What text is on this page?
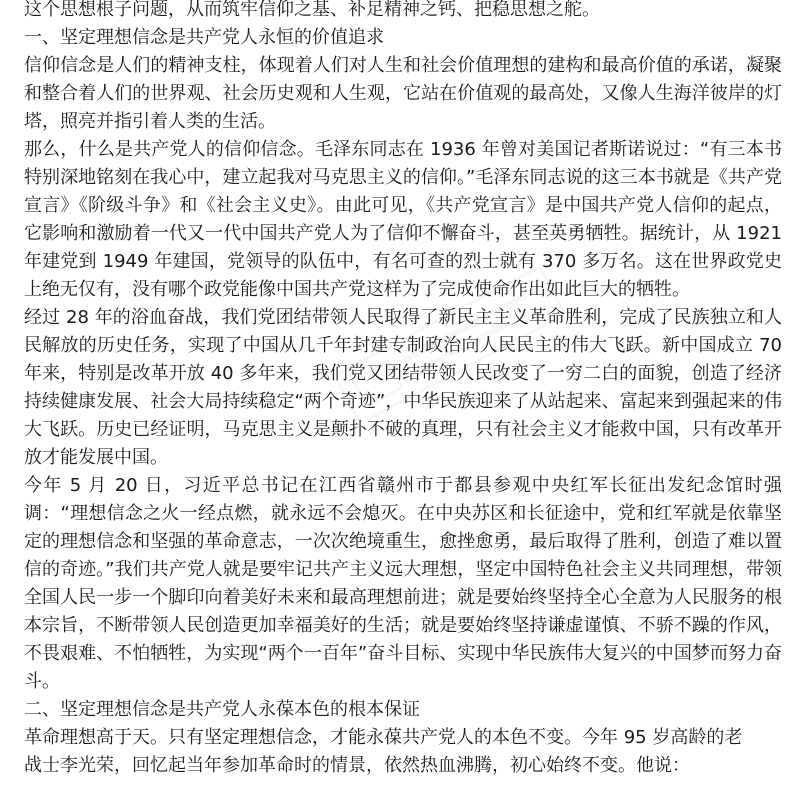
这个思想根子问题，从而筑牢信仰之基、补足精神之钙、把稳思想之舵。

一、坚定理想信念是共产党人永恒的价值追求

信仰信念是人们的精神支柱，体现着人们对人生和社会价值理想的建构和最高价值的承诺，凝聚和整合着人们的世界观、社会历史观和人生观，它站在价值观的最高处，又像人生海洋彼岸的灯塔，照亮并指引着人类的生活。

那么，什么是共产党人的信仰信念。毛泽东同志在 1936 年曾对美国记者斯诺说过：“有三本书特别深地铭刻在我心中，建立起我对马克思主义的信仰。”毛泽东同志说的这三本书就是《共产党宣言》《阶级斗争》和《社会主义史》。由此可见，《共产党宣言》是中国共产党人信仰的起点，它影响和激励着一代又一代中国共产党人为了信仰不懈奋斗，甚至英勇牺牲。据统计，从 1921 年建党到 1949 年建国，党领导的队伍中，有名可查的烈士就有 370 多万名。这在世界政党史上绝无仅有，没有哪个政党能像中国共产党这样为了完成使命作出如此巨大的牺牲。

经过 28 年的浴血奋战，我们党团结带领人民取得了新民主主义革命胜利，完成了民族独立和人民解放的历史任务，实现了中国从几千年封建专制政治向人民民主的伟大飞跃。新中国成立 70 年来，特别是改革开放 40 多年来，我们党又团结带领人民改变了一穷二白的面貌，创造了经济持续健康发展、社会大局持续稳定“两个奇迹”，中华民族迎来了从站起来、富起来到强起来的伟大飞跃。历史已经证明，马克思主义是颠扑不破的真理，只有社会主义才能救中国，只有改革开放才能发展中国。

今年 5 月 20 日，习近平总书记在江西省赣州市于都县参观中央红军长征出发纪念馆时强调：“理想信念之火一经点燃，就永远不会熄灭。在中央苏区和长征途中，党和红军就是依靠坚定的理想信念和坚强的革命意志，一次次绝境重生，愈挫愈勇，最后取得了胜利，创造了难以置信的奇迹。”我们共产党人就是要牢记共产主义远大理想，坚定中国特色社会主义共同理想，带领全国人民一步一个脚印向着美好未来和最高理想前进；就是要始终坚持全心全意为人民服务的根本宗旨，不断带领人民创造更加幸福美好的生活；就是要始终坚持谦虚谨慎、不骄不躁的作风，不畏艰难、不怕牺牲，为实现“两个一百年”奋斗目标、实现中华民族伟大复兴的中国梦而努力奋斗。

二、坚定理想信念是共产党人永葆本色的根本保证

革命理想高于天。只有坚定理想信念，才能永葆共产党人的本色不变。今年 95 岁高龄的老
战士李光荣，回忆起当年参加革命时的情景，依然热血沸腾，初心始终不变。他说：
